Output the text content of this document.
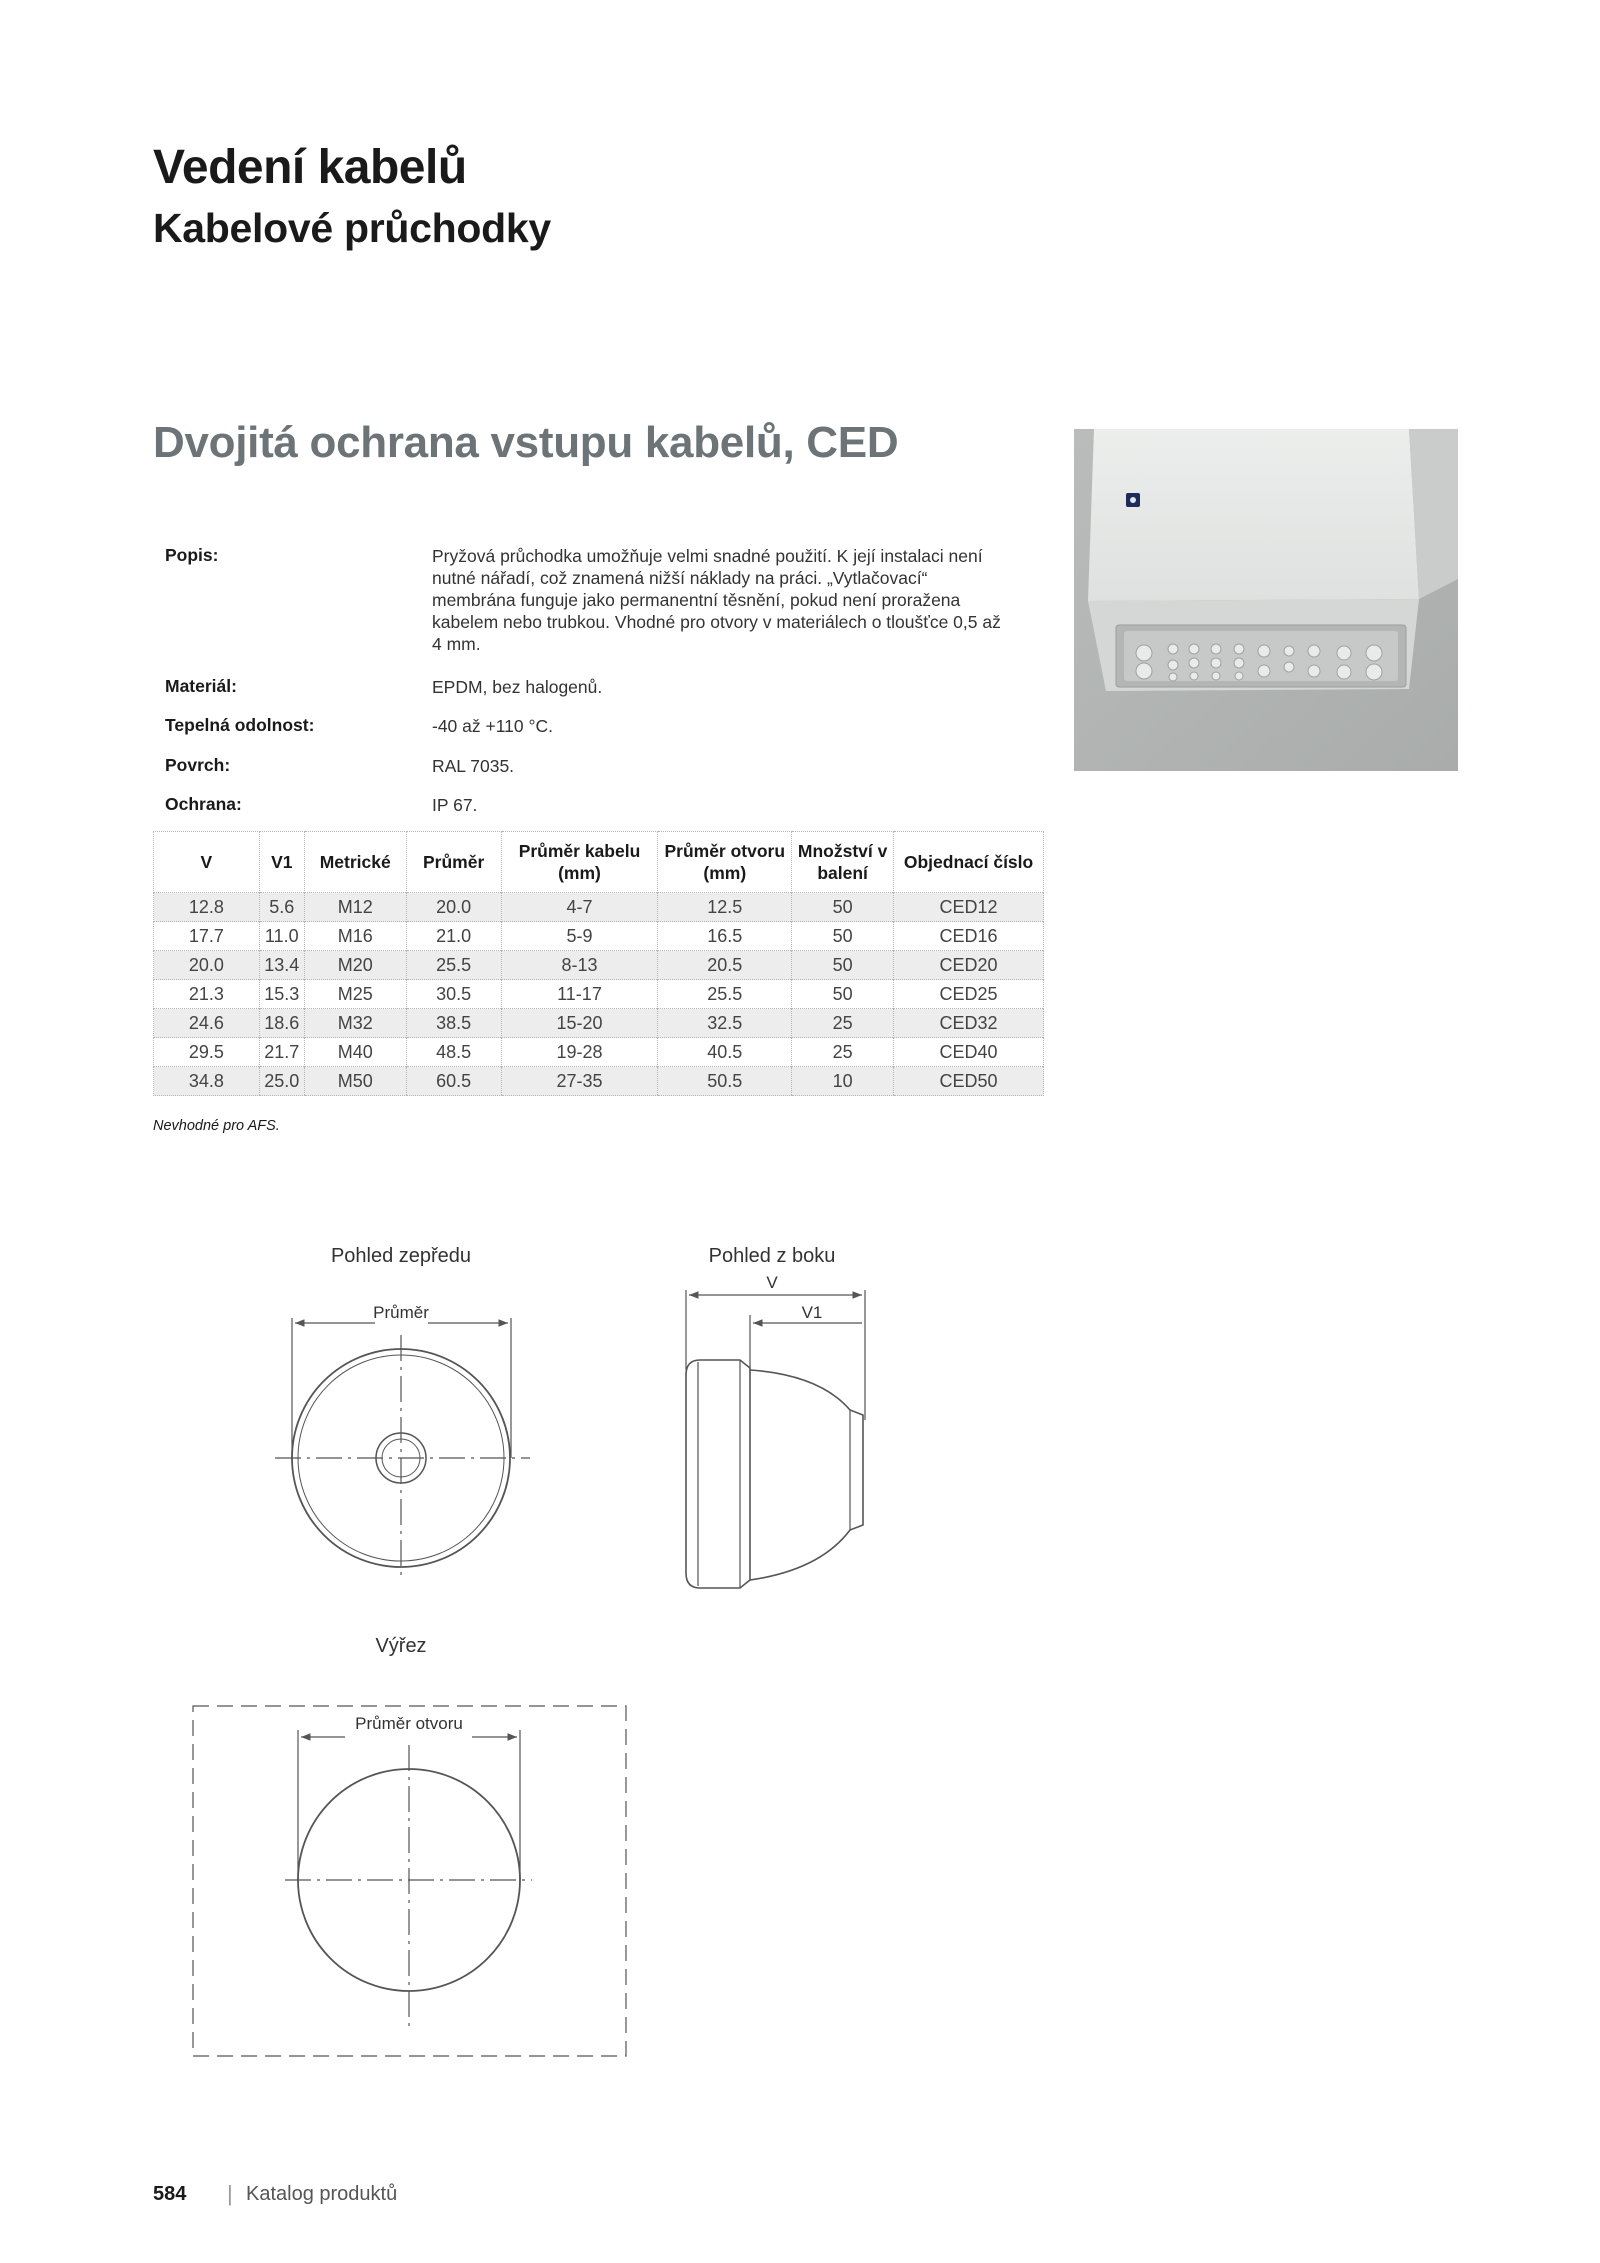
Vedení kabelů
Kabelové průchodky
Dvojitá ochrana vstupu kabelů, CED
Popis:	Pryžová průchodka umožňuje velmi snadné použití. K její instalaci není nutné nářadí, což znamená nižší náklady na práci. „Vytlačovací“ membrána funguje jako permanentní těsnění, pokud není proražena kabelem nebo trubkou. Vhodné pro otvory v materiálech o tloušťce 0,5 až 4 mm.
Materiál:	EPDM, bez halogenů.
Tepelná odolnost:	-40 až +110 °C.
Povrch:	RAL 7035.
Ochrana:	IP 67.
V	V1	Metrické	Průměr	Průměr kabelu (mm)	Průměr otvoru (mm)	Množství v balení	Objednací číslo
12.8	5.6	M12	20.0	4-7	12.5	50	CED12
17.7	11.0	M16	21.0	5-9	16.5	50	CED16
20.0	13.4	M20	25.5	8-13	20.5	50	CED20
21.3	15.3	M25	30.5	11-17	25.5	50	CED25
24.6	18.6	M32	38.5	15-20	32.5	25	CED32
29.5	21.7	M40	48.5	19-28	40.5	25	CED40
34.8	25.0	M50	60.5	27-35	50.5	10	CED50
Nevhodné pro AFS.
Pohled zepředu
Průměr
Pohled z boku
V
V1
Výřez
Průměr otvoru
584 | Katalog produktů
